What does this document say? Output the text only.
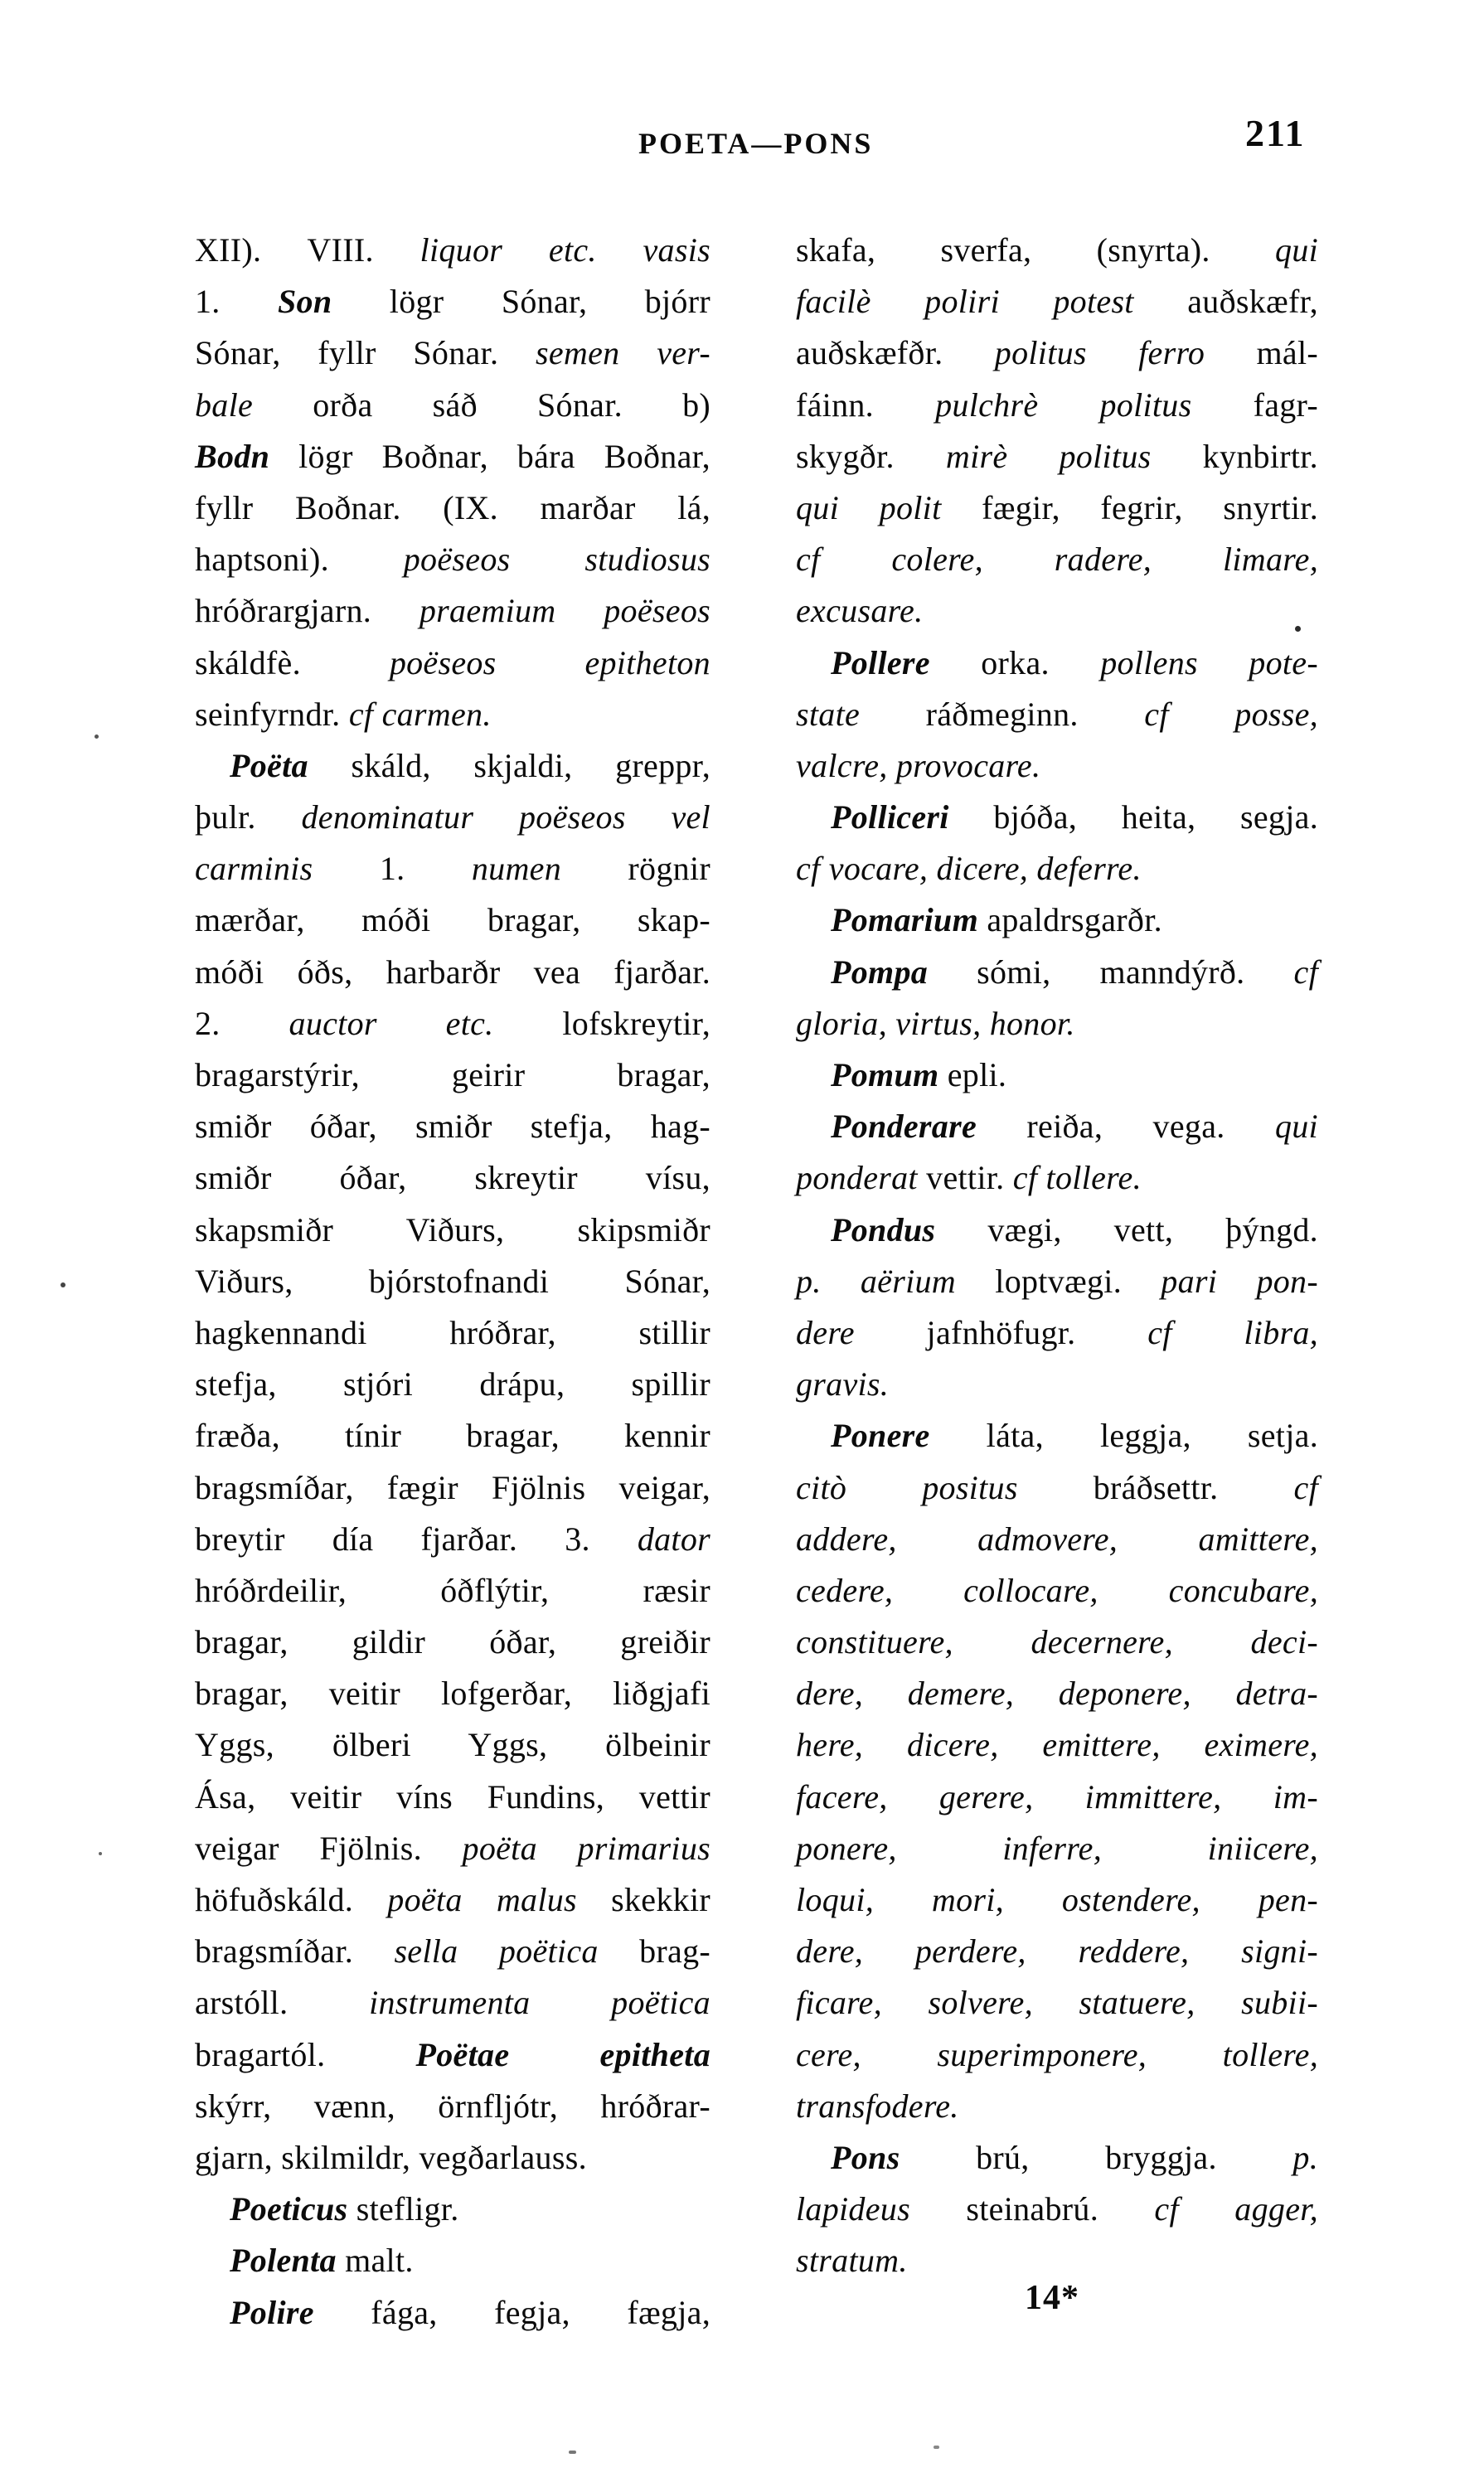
POETA—PONS	211
XII). VIII. liquor etc. vasis
1. Son lögr Sónar, bjórr
Sónar, fyllr Sónar. semen ver-
bale orða sáð Sónar. b)
Bodn lögr Boðnar, bára Boðnar,
fyllr Boðnar. (IX. marðar lá,
haptsoni). poëseos studiosus
hróðrargjarn. praemium poëseos
skáldfè.	poëseos epitheton
seinfyrndr. cf carmen.
Poëta skáld, skjaldi, greppr,
þulr. denominatur poëseos vel
carminis 1. numen rögnir
mærðar, móði bragar, skap-
móði óðs, harbarðr vea fjarðar.
2. auctor etc. lofskreytir,
bragarstýrir, geirir bragar,
smiðr óðar, smiðr stefja, hag-
smiðr óðar, skreytir vísu,
skapsmiðr Viðurs, skipsmiðr
Viðurs, bjórstofnandi Sónar,
hagkennandi hróðrar, stillir
stefja, stjóri drápu, spillir
fræða, tínir bragar, kennir
bragsmíðar, fægir Fjölnis veigar,
breytir día fjarðar. 3. dator
hróðrdeilir, óðflýtir, ræsir
bragar, gildir óðar, greiðir
bragar, veitir lofgerðar, liðgjafi
Yggs, ölberi Yggs, ölbeinir
Ása, veitir víns Fundins, vettir
veigar Fjölnis. poëta primarius
höfuðskáld. poëta malus skekkir
bragsmíðar. sella poëtica brag-
arstóll. instrumenta poëtica
bragartól.	Poëtae epitheta
skýrr, vænn, örnfljótr, hróðrar-
gjarn, skilmildr, vegðarlauss.
Poeticus stefligr.
Polenta malt.
Polire fága, fegja, fægja,
skafa, sverfa, (snyrta). qui
facilè poliri potest auðskæfr,
auðskæfðr. politus ferro mál-
fáinn. pulchrè politus fagr-
skygðr. mirè politus kynbirtr.
qui polit fægir, fegrir, snyrtir.
cf colere, radere, limare,
excusare.
Pollere orka. pollens pote-
state ráðmeginn. cf posse,
valcre, provocare.
Polliceri bjóða, heita, segja.
cf vocare, dicere, deferre.
Pomarium apaldrsgarðr.
Pompa sómi, manndýrð. cf
gloria, virtus, honor.
Pomum epli.
Ponderare reiða, vega. qui
ponderat vettir. cf tollere.
Pondus vægi, vett, þýngd.
p. aërium loptvægi. pari pon-
dere jafnhöfugr. cf libra,
gravis.
Ponere láta, leggja, setja.
citò positus bráðsettr. cf
addere, admovere, amittere,
cedere, collocare, concubare,
constituere, decernere, deci-
dere, demere, deponere, detra-
here, dicere, emittere, eximere,
facere, gerere, immittere, im-
ponere, inferre, iniicere,
loqui, mori, ostendere, pen-
dere, perdere, reddere, signi-
ficare, solvere, statuere, subii-
cere, superimponere, tollere,
transfodere.
Pons brú, bryggja. p.
lapideus steinabrú. cf agger,
stratum.
14*
